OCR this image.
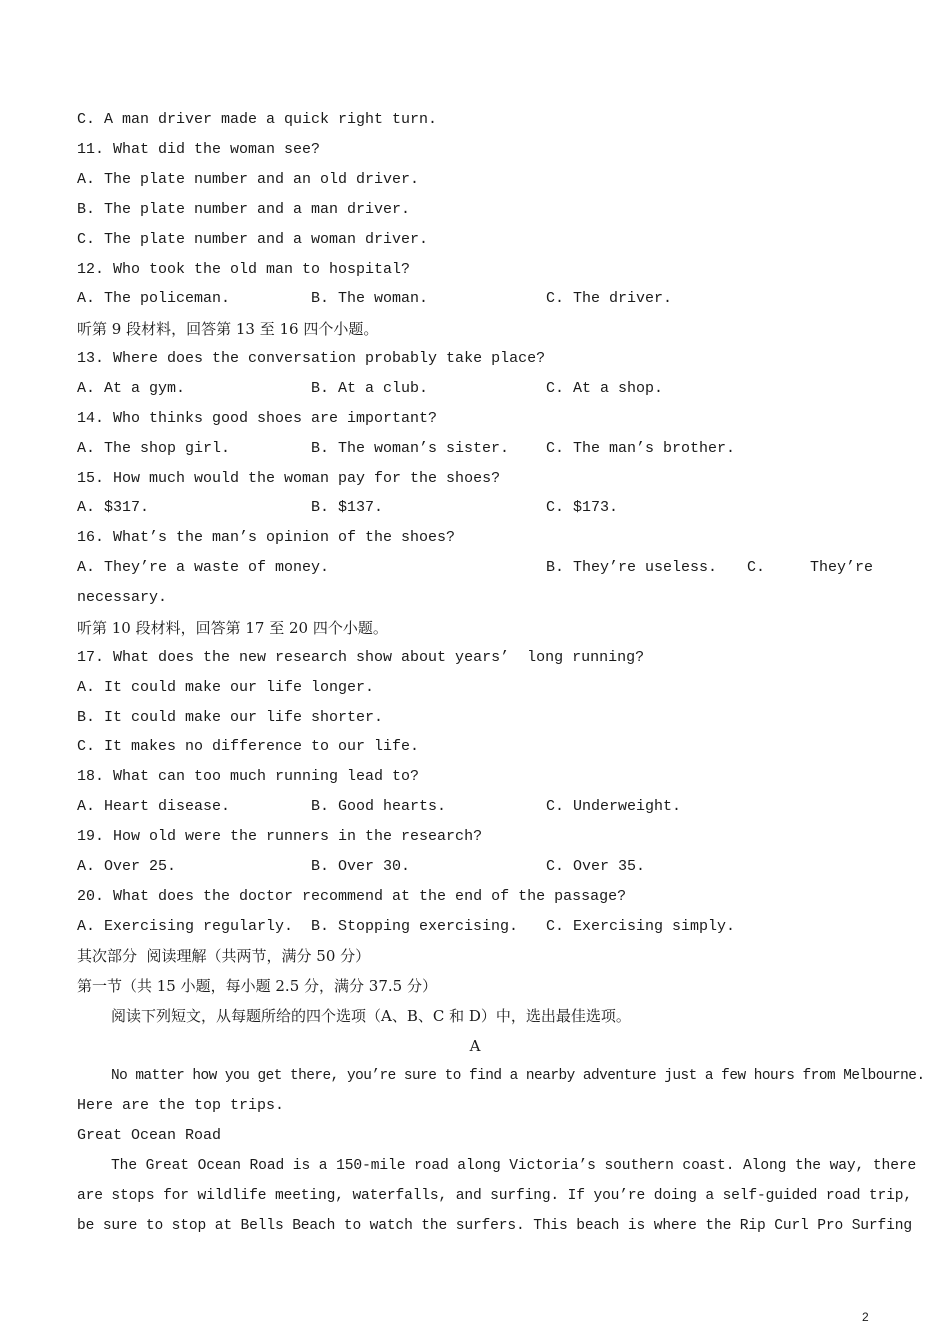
C. A man driver made a quick right turn.
11. What did the woman see?
A. The plate number and an old driver.
B. The plate number and a man driver.
C. The plate number and a woman driver.
12. Who took the old man to hospital?
A. The policeman.	B. The woman.	C. The driver.
听第 9 段材料，回答第 13 至 16 四个小题。
13. Where does the conversation probably take place?
A. At a gym.	B. At a club.	C. At a shop.
14. Who thinks good shoes are important?
A. The shop girl.	B. The woman’s sister. C. The man’s brother.
15. How much would the woman pay for the shoes?
A. $317.	B. $137.	C. $173.
16. What’s the man’s opinion of the shoes?
A. They’re a waste of money.	B. They’re useless. C.     They’re
necessary.
听第 10 段材料，回答第 17 至 20 四个小题。
17. What does the new research show about years’  long running?
A. It could make our life longer.
B. It could make our life shorter.
C. It makes no difference to our life.
18. What can too much running lead to?
A. Heart disease.	B. Good hearts.	C. Underweight.
19. How old were the runners in the research?
A. Over 25.	B. Over 30.	C. Over 35.
20. What does the doctor recommend at the end of the passage?
A. Exercising regularly. B. Stopping exercising. C. Exercising simply.
其次部分  阅读理解（共两节，满分 50 分）
第一节（共 15 小题，每小题 2.5 分，满分 37.5 分）
阅读下列短文，从每题所给的四个选项（A、B、C 和 D）中，选出最佳选项。
A
No matter how you get there, you’re sure to find a nearby adventure just a few hours from Melbourne.
Here are the top trips.
Great Ocean Road
The Great Ocean Road is a 150-mile road along Victoria’s southern coast. Along the way, there
are stops for wildlife meeting, waterfalls, and surfing. If you’re doing a self-guided road trip,
be sure to stop at Bells Beach to watch the surfers. This beach is where the Rip Curl Pro Surfing
2
